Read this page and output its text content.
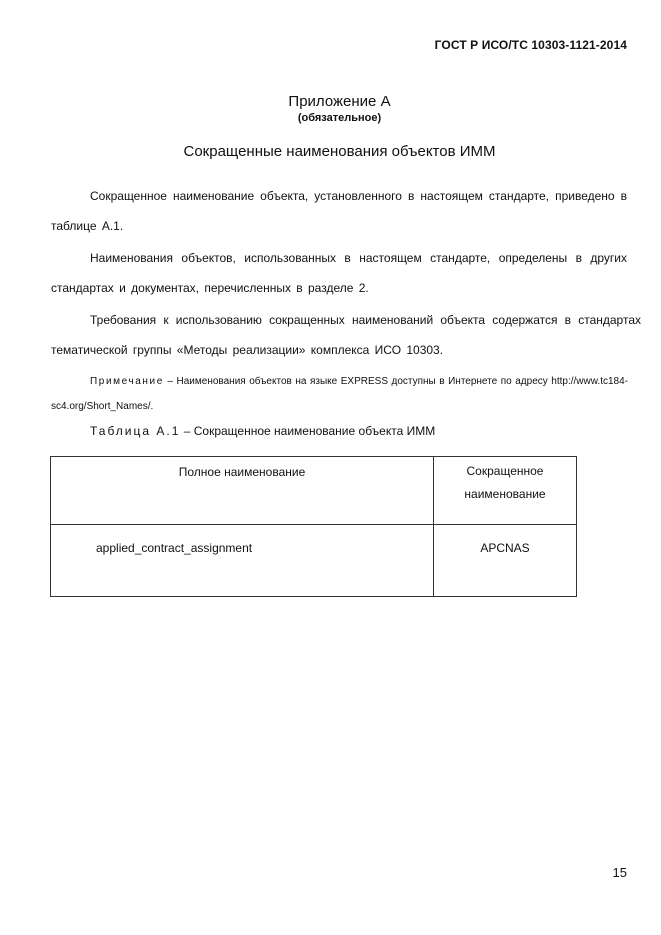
ГОСТ Р ИСО/ТС 10303-1121-2014
Приложение А
(обязательное)
Сокращенные наименования объектов ИММ

Сокращенное наименование объекта, установленного в настоящем стандарте, приведено в таблице А.1.

Наименования объектов, использованных в настоящем стандарте, определены в других стандартах и документах, перечисленных в разделе 2.

Требования к использованию сокращенных наименований объекта содержатся в стандартах тематической группы «Методы реализации» комплекса ИСО 10303.

Примечание – Наименования объектов на языке EXPRESS доступны в Интернете по адресу http://www.tc184-sc4.org/Short_Names/.

Таблица А.1 – Сокращенное наименование объекта ИММ
Полное наименование	Сокращенное наименование
applied_contract_assignment	APCNAS
15
